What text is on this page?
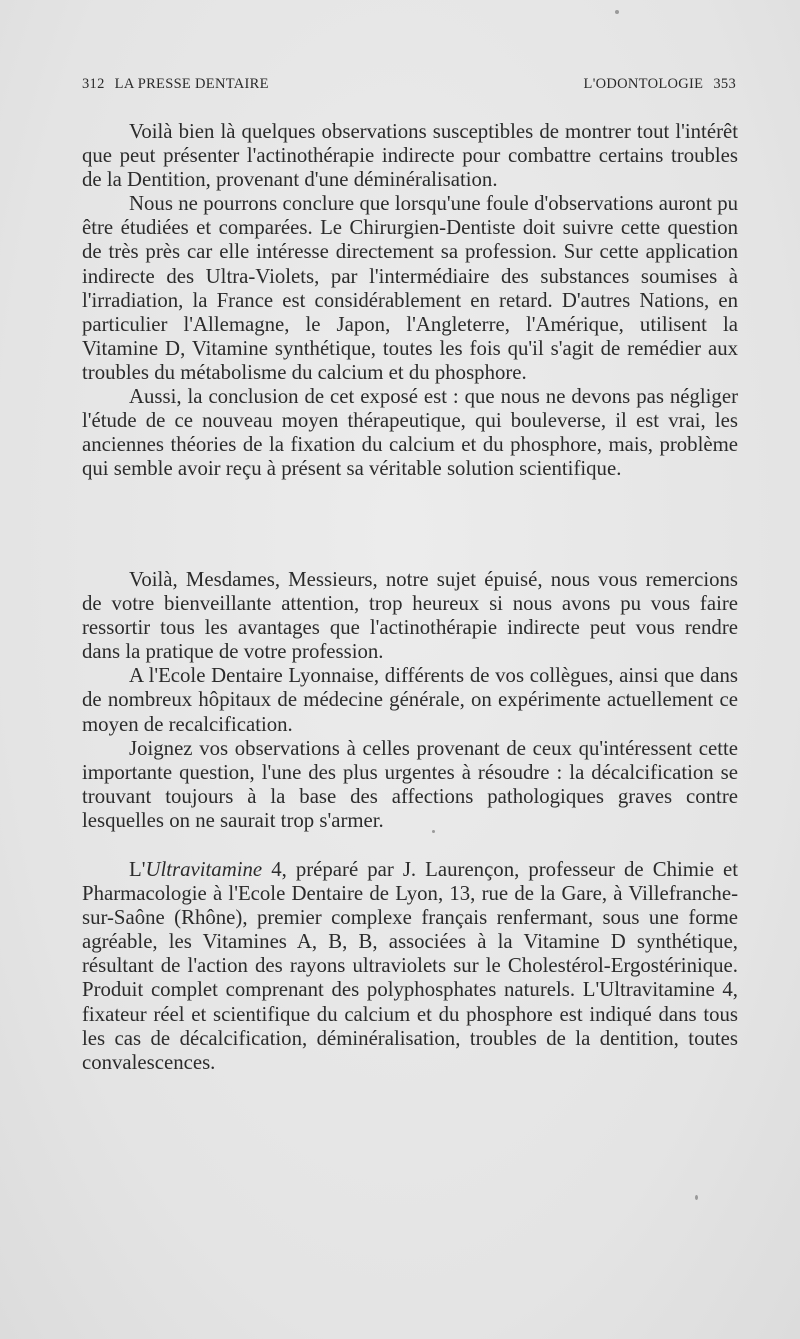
312 LA PRESSE DENTAIRE	L'ODONTOLOGIE 353

Voilà bien là quelques observations susceptibles de montrer tout l'intérêt que peut présenter l'actinothérapie indirecte pour combattre certains troubles de la Dentition, provenant d'une déminéralisation.

Nous ne pourrons conclure que lorsqu'une foule d'observations auront pu être étudiées et comparées. Le Chirurgien-Dentiste doit suivre cette question de très près car elle intéresse directement sa profession. Sur cette application indirecte des Ultra-Violets, par l'intermédiaire des substances soumises à l'irradiation, la France est considérablement en retard. D'autres Nations, en particulier l'Allemagne, le Japon, l'Angleterre, l'Amérique, utilisent la Vitamine D, Vitamine synthétique, toutes les fois qu'il s'agit de remédier aux troubles du métabolisme du calcium et du phosphore.

Aussi, la conclusion de cet exposé est : que nous ne devons pas négliger l'étude de ce nouveau moyen thérapeutique, qui bouleverse, il est vrai, les anciennes théories de la fixation du calcium et du phosphore, mais, problème qui semble avoir reçu à présent sa véritable solution scientifique.

Voilà, Mesdames, Messieurs, notre sujet épuisé, nous vous remercions de votre bienveillante attention, trop heureux si nous avons pu vous faire ressortir tous les avantages que l'actinothérapie indirecte peut vous rendre dans la pratique de votre profession.

A l'Ecole Dentaire Lyonnaise, différents de vos collègues, ainsi que dans de nombreux hôpitaux de médecine générale, on expérimente actuellement ce moyen de recalcification.

Joignez vos observations à celles provenant de ceux qu'intéressent cette importante question, l'une des plus urgentes à résoudre : la décalcification se trouvant toujours à la base des affections pathologiques graves contre lesquelles on ne saurait trop s'armer.

L'Ultravitamine 4, préparé par J. Laurençon, professeur de Chimie et Pharmacologie à l'Ecole Dentaire de Lyon, 13, rue de la Gare, à Villefranche-sur-Saône (Rhône), premier complexe français renfermant, sous une forme agréable, les Vitamines A, B, B, associées à la Vitamine D synthétique, résultant de l'action des rayons ultraviolets sur le Cholestérol-Ergostérinique. Produit complet comprenant des polyphosphates naturels. L'Ultravitamine 4, fixateur réel et scientifique du calcium et du phosphore est indiqué dans tous les cas de décalcification, déminéralisation, troubles de la dentition, toutes convalescences.
